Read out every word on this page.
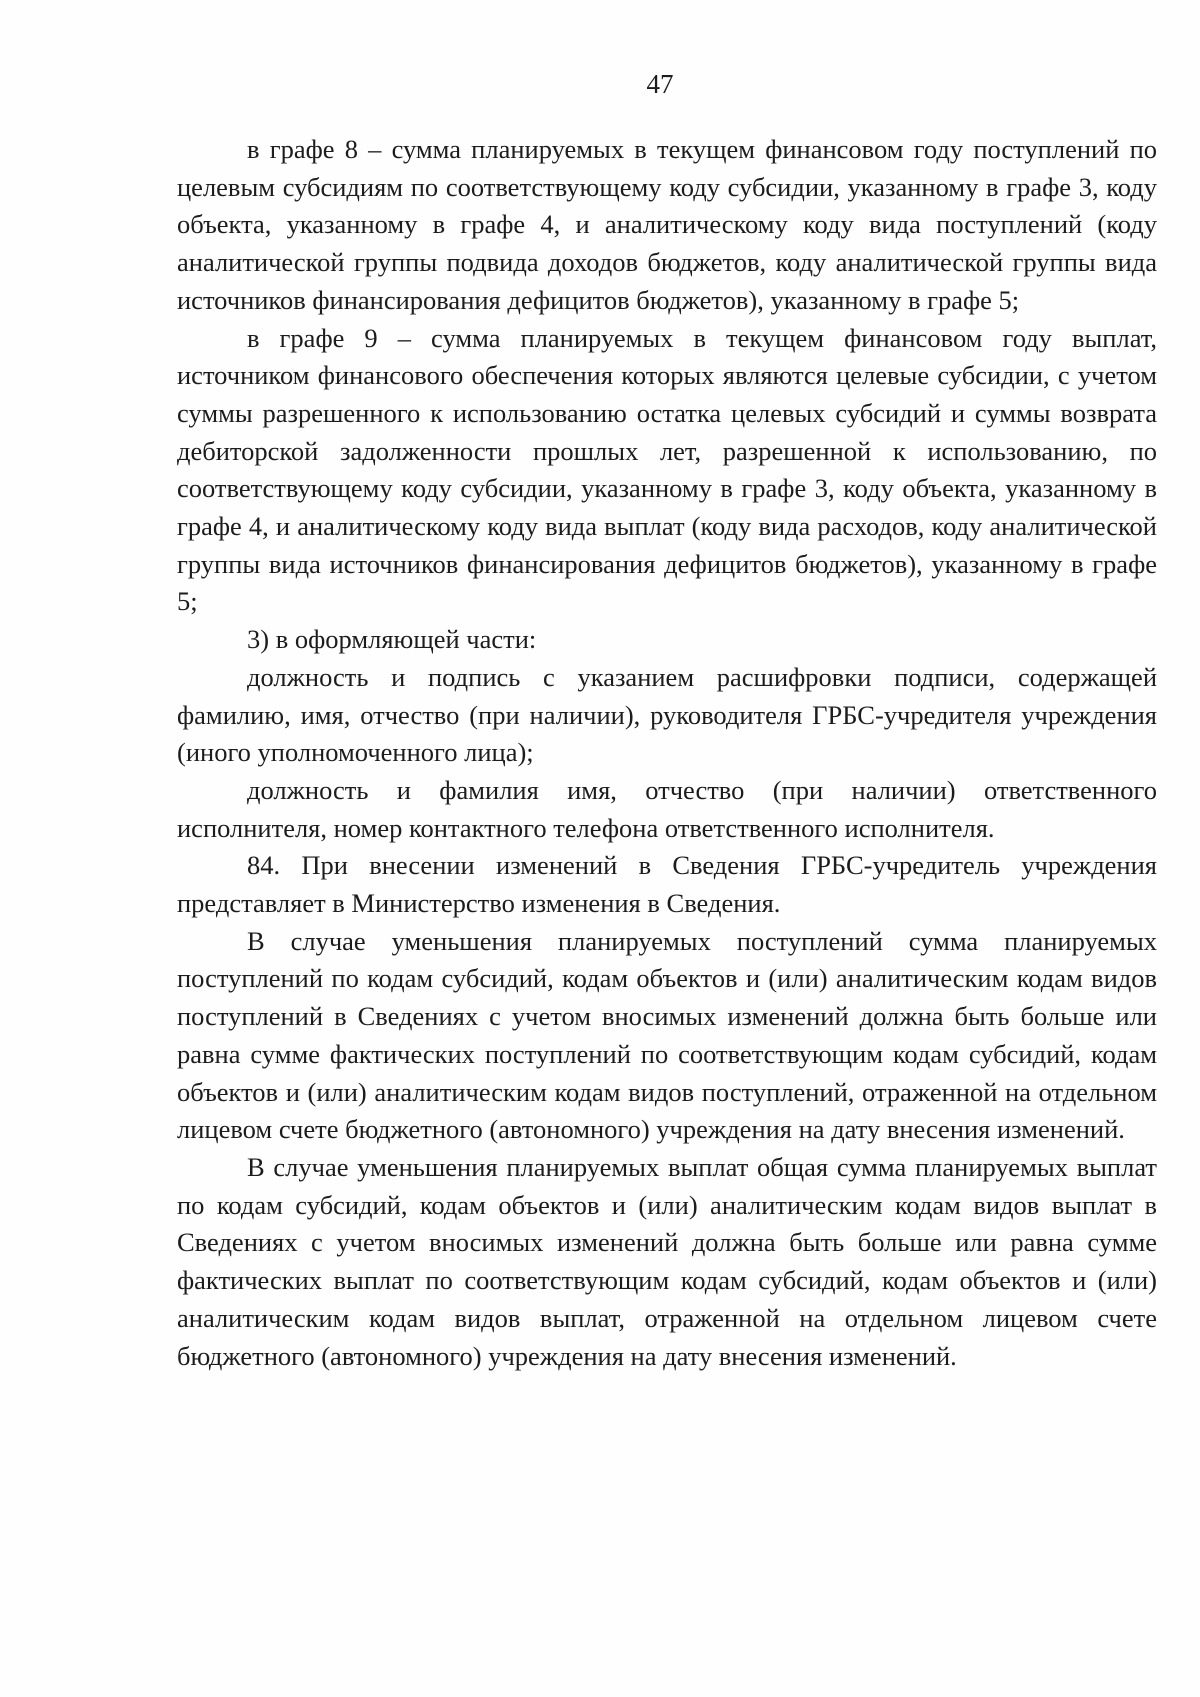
47

в графе 8 – сумма планируемых в текущем финансовом году поступлений по целевым субсидиям по соответствующему коду субсидии, указанному в графе 3, коду объекта, указанному в графе 4, и аналитическому коду вида поступлений (коду аналитической группы подвида доходов бюджетов, коду аналитической группы вида источников финансирования дефицитов бюджетов), указанному в графе 5;

в графе 9 – сумма планируемых в текущем финансовом году выплат, источником финансового обеспечения которых являются целевые субсидии, с учетом суммы разрешенного к использованию остатка целевых субсидий и суммы возврата дебиторской задолженности прошлых лет, разрешенной к использованию, по соответствующему коду субсидии, указанному в графе 3, коду объекта, указанному в графе 4, и аналитическому коду вида выплат (коду вида расходов, коду аналитической группы вида источников финансирования дефицитов бюджетов), указанному в графе 5;

3) в оформляющей части:

должность и подпись с указанием расшифровки подписи, содержащей фамилию, имя, отчество (при наличии), руководителя ГРБС-учредителя учреждения (иного уполномоченного лица);

должность и фамилия имя, отчество (при наличии) ответственного исполнителя, номер контактного телефона ответственного исполнителя.

84. При внесении изменений в Сведения ГРБС-учредитель учреждения представляет в Министерство изменения в Сведения.

В случае уменьшения планируемых поступлений сумма планируемых поступлений по кодам субсидий, кодам объектов и (или) аналитическим кодам видов поступлений в Сведениях с учетом вносимых изменений должна быть больше или равна сумме фактических поступлений по соответствующим кодам субсидий, кодам объектов и (или) аналитическим кодам видов поступлений, отраженной на отдельном лицевом счете бюджетного (автономного) учреждения на дату внесения изменений.

В случае уменьшения планируемых выплат общая сумма планируемых выплат по кодам субсидий, кодам объектов и (или) аналитическим кодам видов выплат в Сведениях с учетом вносимых изменений должна быть больше или равна сумме фактических выплат по соответствующим кодам субсидий, кодам объектов и (или) аналитическим кодам видов выплат, отраженной на отдельном лицевом счете бюджетного (автономного) учреждения на дату внесения изменений.
